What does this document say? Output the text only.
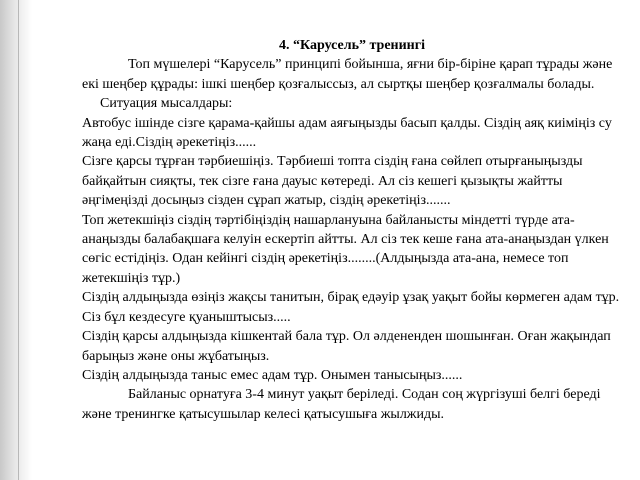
4. “Карусель” тренингі

Топ мүшелері “Карусель” принципі бойынша, яғни бір-біріне қарап тұрады және екі шеңбер құрады: ішкі шеңбер қозғалыссыз, ал сыртқы шеңбер қозғалмалы болады.

Ситуация мысалдары:

Автобус ішінде сізге қарама-қайшы адам аяғыңызды басып қалды. Сіздің аяқ киіміңіз су жаңа еді.Сіздің әрекетіңіз......

Сізге қарсы тұрған тәрбиешіңіз. Тәрбиеші топта сіздің ғана сөйлеп отырғаныңызды байқайтын сияқты, тек сізге ғана дауыс көтереді. Ал сіз кешегі қызықты жайтты әңгімеңізді досыңыз сізден сұрап жатыр, сіздің әрекетіңіз.......

Топ жетекшіңіз сіздің тәртібіңіздің нашарлануына байланысты міндетті түрде ата-анаңызды балабақшаға келуін ескертіп айтты. Ал сіз тек кеше ғана ата-анаңыздан үлкен сөгіс естідіңіз. Одан кейінгі сіздің әрекетіңіз........(Алдыңызда ата-ана, немесе топ жетекшіңіз тұр.)

Сіздің алдыңызда өзіңіз жақсы танитын, бірақ едәуір ұзақ уақыт бойы көрмеген адам тұр. Сіз бұл кездесуге қуаныштысыз.....

Сіздің қарсы алдыңызда кішкентай бала тұр. Ол әлдененден шошынған. Оған жақындап барыңыз және оны жұбатыңыз.

Сіздің алдыңызда таныс емес адам тұр. Онымен танысыңыз......

Байланыс орнатуға 3-4 минут уақыт беріледі. Содан соң жүргізуші белгі береді және тренингке қатысушылар келесі қатысушыға жылжиды.
